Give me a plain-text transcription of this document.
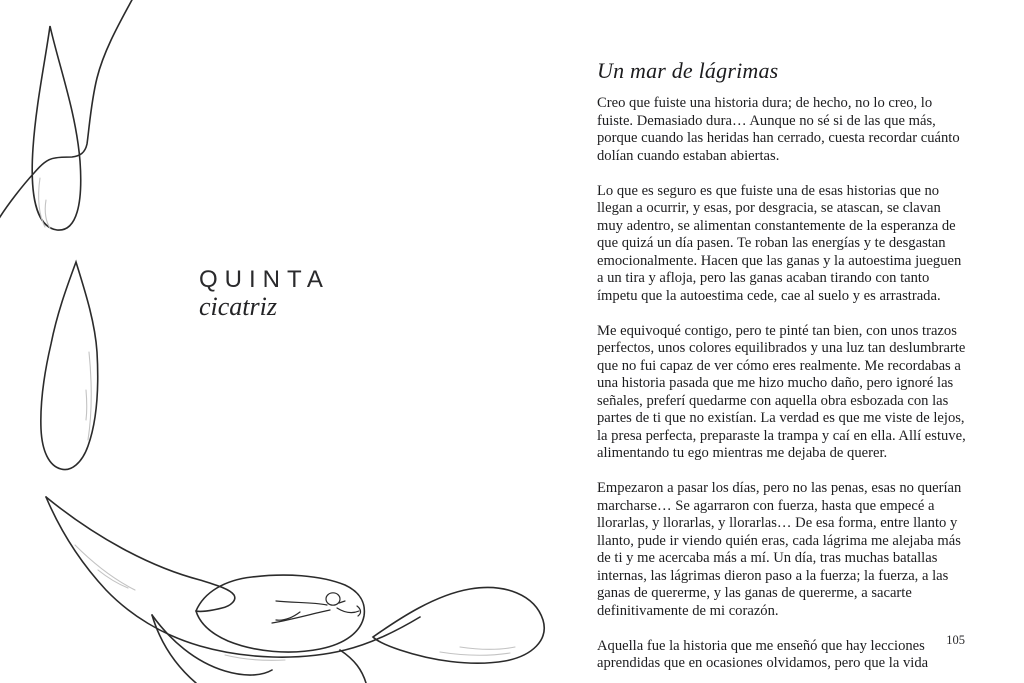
QUINTA
cicatriz
Un mar de lágrimas

Creo que fuiste una historia dura; de hecho, no lo creo, lo fuiste. Demasiado dura… Aunque no sé si de las que más, porque cuando las heridas han cerrado, cuesta recordar cuánto dolían cuando estaban abiertas.

Lo que es seguro es que fuiste una de esas historias que no llegan a ocurrir, y esas, por desgracia, se atascan, se clavan muy adentro, se alimentan constantemente de la esperanza de que quizá un día pasen. Te roban las energías y te desgastan emocionalmente. Hacen que las ganas y la autoestima jueguen a un tira y afloja, pero las ganas acaban tirando con tanto ímpetu que la autoestima cede, cae al suelo y es arrastrada.

Me equivoqué contigo, pero te pinté tan bien, con unos trazos perfectos, unos colores equilibrados y una luz tan deslumbrarte que no fui capaz de ver cómo eres realmente. Me recordabas a una historia pasada que me hizo mucho daño, pero ignoré las señales, preferí quedarme con aquella obra esbozada con las partes de ti que no existían. La verdad es que me viste de lejos, la presa perfecta, preparaste la trampa y caí en ella. Allí estuve, alimentando tu ego mientras me dejaba de querer.

Empezaron a pasar los días, pero no las penas, esas no querían marcharse… Se agarraron con fuerza, hasta que empecé a llorarlas, y llorarlas, y llorarlas… De esa forma, entre llanto y llanto, pude ir viendo quién eras, cada lágrima me alejaba más de ti y me acercaba más a mí. Un día, tras muchas batallas internas, las lágrimas dieron paso a la fuerza; la fuerza, a las ganas de quererme, y las ganas de quererme, a sacarte definitivamente de mi corazón.

Aquella fue la historia que me enseñó que hay lecciones aprendidas que en ocasiones olvidamos, pero que la vida

105
